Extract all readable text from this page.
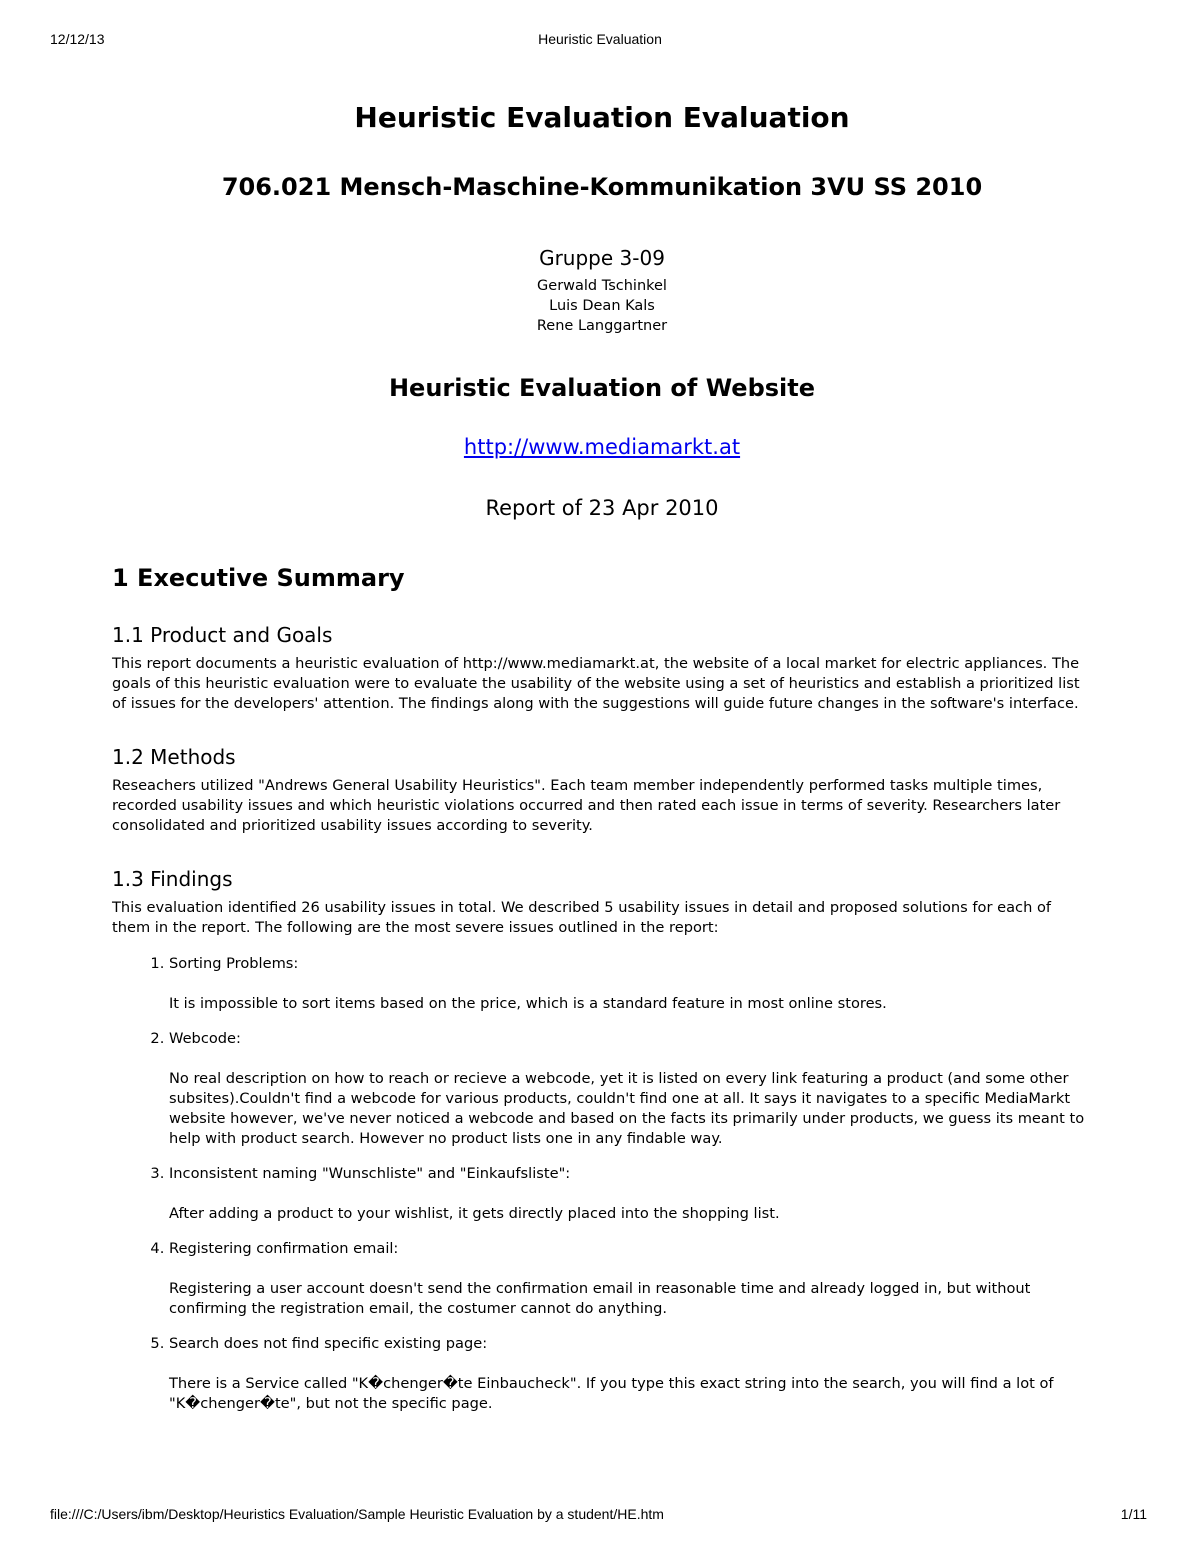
12/12/13	Heuristic Evaluation
Heuristic Evaluation Evaluation
706.021 Mensch-Maschine-Kommunikation 3VU SS 2010
Gruppe 3-09
Gerwald Tschinkel
Luis Dean Kals
Rene Langgartner
Heuristic Evaluation of Website
http://www.mediamarkt.at
Report of 23 Apr 2010
1 Executive Summary
1.1 Product and Goals

This report documents a heuristic evaluation of http://www.mediamarkt.at, the website of a local market for electric appliances. The goals of this heuristic evaluation were to evaluate the usability of the website using a set of heuristics and establish a prioritized list of issues for the developers' attention. The findings along with the suggestions will guide future changes in the software's interface.

1.2 Methods

Reseachers utilized "Andrews General Usability Heuristics". Each team member independently performed tasks multiple times, recorded usability issues and which heuristic violations occurred and then rated each issue in terms of severity. Researchers later consolidated and prioritized usability issues according to severity.

1.3 Findings

This evaluation identified 26 usability issues in total. We described 5 usability issues in detail and proposed solutions for each of them in the report. The following are the most severe issues outlined in the report:

1. Sorting Problems:
It is impossible to sort items based on the price, which is a standard feature in most online stores.
2. Webcode:
No real description on how to reach or recieve a webcode, yet it is listed on every link featuring a product (and some other subsites).Couldn't find a webcode for various products, couldn't find one at all. It says it navigates to a specific MediaMarkt website however, we've never noticed a webcode and based on the facts its primarily under products, we guess its meant to help with product search. However no product lists one in any findable way.
3. Inconsistent naming "Wunschliste" and "Einkaufsliste":
After adding a product to your wishlist, it gets directly placed into the shopping list.
4. Registering confirmation email:
Registering a user account doesn't send the confirmation email in reasonable time and already logged in, but without confirming the registration email, the costumer cannot do anything.
5. Search does not find specific existing page:
There is a Service called "K�chenger�te Einbaucheck". If you type this exact string into the search, you will find a lot of "K�chenger�te", but not the specific page.
file:///C:/Users/ibm/Desktop/Heuristics Evaluation/Sample Heuristic Evaluation by a student/HE.htm	1/11
